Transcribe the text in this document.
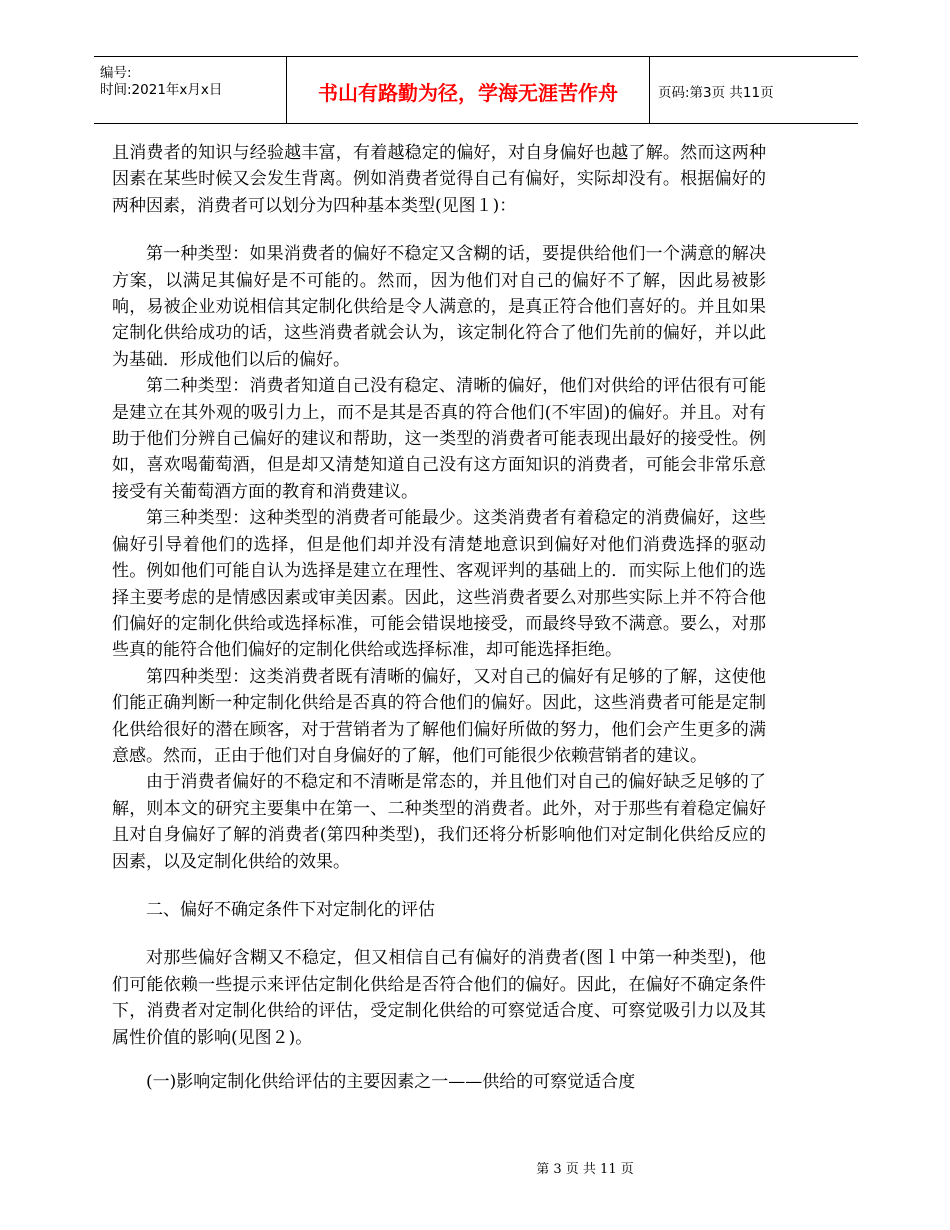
编号:
时间:2021年x月x日	书山有路勤为径，学海无涯苦作舟	页码:第3页 共11页

且消费者的知识与经验越丰富，有着越稳定的偏好，对自身偏好也越了解。然而这两种因素在某些时候又会发生背离。例如消费者觉得自己有偏好，实际却没有。根据偏好的两种因素，消费者可以划分为四种基本类型(见图１)：

第一种类型：如果消费者的偏好不稳定又含糊的话，要提供给他们一个满意的解决方案，以满足其偏好是不可能的。然而，因为他们对自己的偏好不了解，因此易被影响，易被企业劝说相信其定制化供给是令人满意的，是真正符合他们喜好的。并且如果定制化供给成功的话，这些消费者就会认为，该定制化符合了他们先前的偏好，并以此为基础．形成他们以后的偏好。

第二种类型：消费者知道自己没有稳定、清晰的偏好，他们对供给的评估很有可能是建立在其外观的吸引力上，而不是其是否真的符合他们(不牢固)的偏好。并且。对有助于他们分辨自己偏好的建议和帮助，这一类型的消费者可能表现出最好的接受性。例如，喜欢喝葡萄酒，但是却又清楚知道自己没有这方面知识的消费者，可能会非常乐意接受有关葡萄酒方面的教育和消费建议。

第三种类型：这种类型的消费者可能最少。这类消费者有着稳定的消费偏好，这些偏好引导着他们的选择，但是他们却并没有清楚地意识到偏好对他们消费选择的驱动性。例如他们可能自认为选择是建立在理性、客观评判的基础上的．而实际上他们的选择主要考虑的是情感因素或审美因素。因此，这些消费者要么对那些实际上并不符合他们偏好的定制化供给或选择标准，可能会错误地接受，而最终导致不满意。要么，对那些真的能符合他们偏好的定制化供给或选择标准，却可能选择拒绝。

第四种类型：这类消费者既有清晰的偏好，又对自己的偏好有足够的了解，这使他们能正确判断一种定制化供给是否真的符合他们的偏好。因此，这些消费者可能是定制化供给很好的潜在顾客，对于营销者为了解他们偏好所做的努力，他们会产生更多的满意感。然而，正由于他们对自身偏好的了解，他们可能很少依赖营销者的建议。

由于消费者偏好的不稳定和不清晰是常态的，并且他们对自己的偏好缺乏足够的了解，则本文的研究主要集中在第一、二种类型的消费者。此外，对于那些有着稳定偏好且对自身偏好了解的消费者(第四种类型)，我们还将分析影响他们对定制化供给反应的因素，以及定制化供给的效果。

二、偏好不确定条件下对定制化的评估

对那些偏好含糊又不稳定，但又相信自己有偏好的消费者(图ｌ中第一种类型)，他们可能依赖一些提示来评估定制化供给是否符合他们的偏好。因此，在偏好不确定条件下，消费者对定制化供给的评估，受定制化供给的可察觉适合度、可察觉吸引力以及其属性价值的影响(见图２)。

(一)影响定制化供给评估的主要因素之一——供给的可察觉适合度

第 3 页 共 11 页
